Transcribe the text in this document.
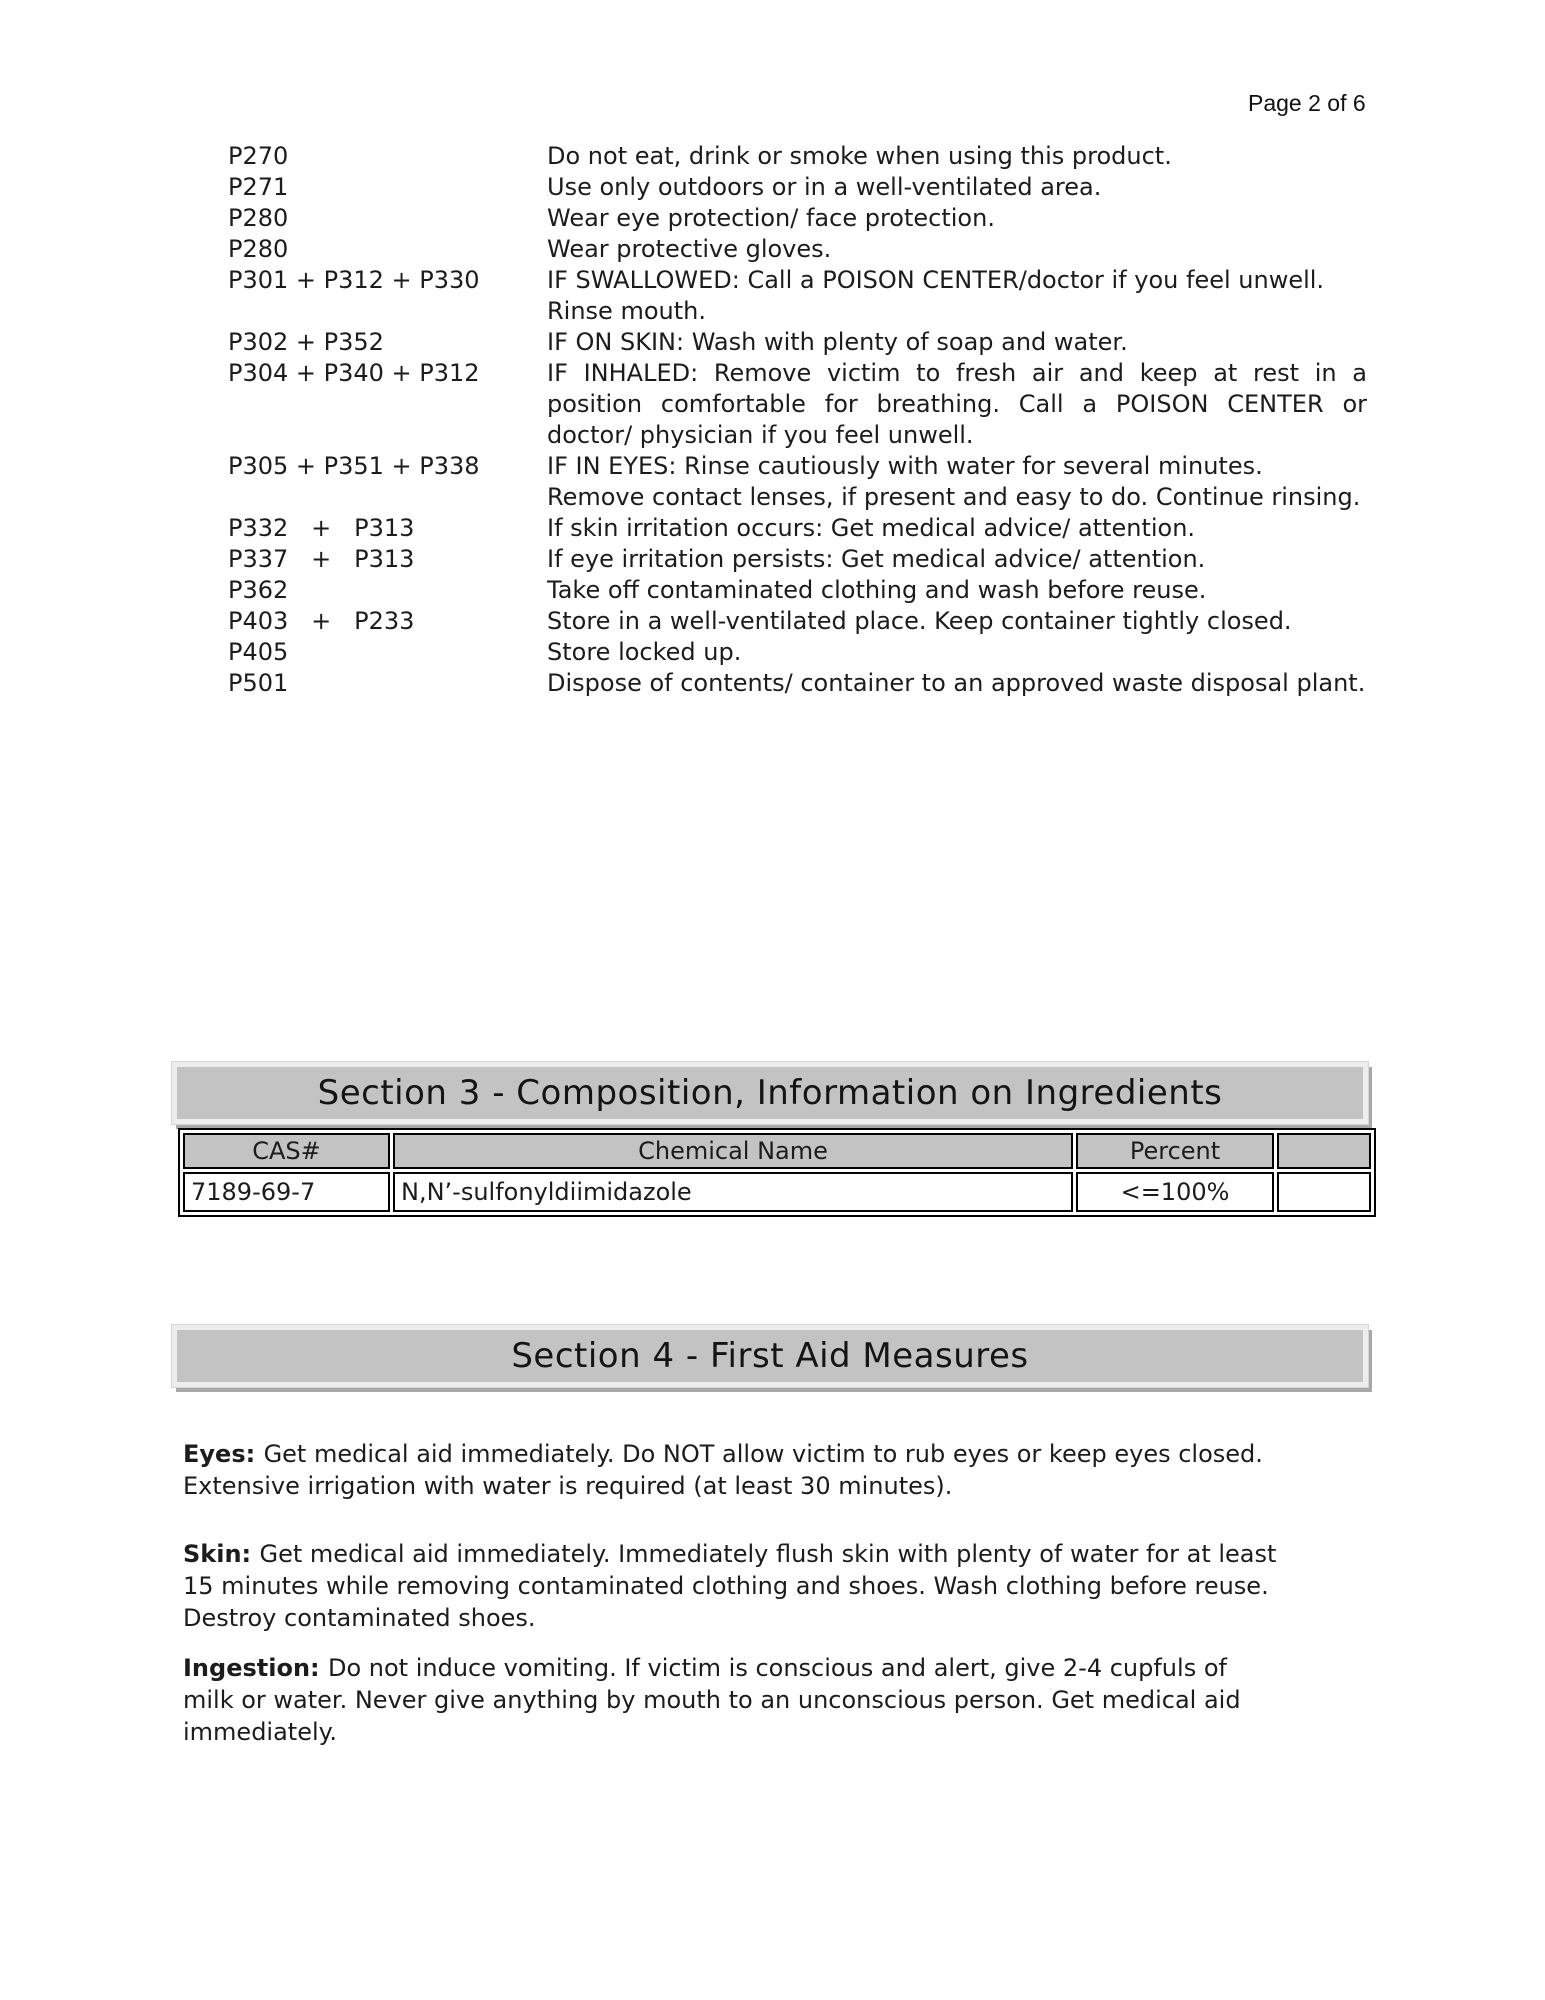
Page 2 of 6
P270	Do not eat, drink or smoke when using this product.
P271	Use only outdoors or in a well-ventilated area.
P280	Wear eye protection/ face protection.
P280	Wear protective gloves.
P301 + P312 + P330	IF SWALLOWED: Call a POISON CENTER/doctor if you feel unwell. Rinse mouth.
P302 + P352	IF ON SKIN: Wash with plenty of soap and water.
P304 + P340 + P312	IF INHALED: Remove victim to fresh air and keep at rest in a position comfortable for breathing. Call a POISON CENTER or doctor/ physician if you feel unwell.
P305 + P351 + P338	IF IN EYES: Rinse cautiously with water for several minutes. Remove contact lenses, if present and easy to do. Continue rinsing.
P332   +   P313	If skin irritation occurs: Get medical advice/ attention.
P337   +   P313	If eye irritation persists: Get medical advice/ attention.
P362	Take off contaminated clothing and wash before reuse.
P403   +   P233	Store in a well-ventilated place. Keep container tightly closed.
P405	Store locked up.
P501	Dispose of contents/ container to an approved waste disposal plant.
Section 3 - Composition, Information on Ingredients
CAS#	Chemical Name	Percent	
7189-69-7	N,N’-sulfonyldiimidazole	<=100%	
Section 4 - First Aid Measures
Eyes: Get medical aid immediately. Do NOT allow victim to rub eyes or keep eyes closed. Extensive irrigation with water is required (at least 30 minutes).
Skin: Get medical aid immediately. Immediately flush skin with plenty of water for at least 15 minutes while removing contaminated clothing and shoes. Wash clothing before reuse. Destroy contaminated shoes.
Ingestion: Do not induce vomiting. If victim is conscious and alert, give 2-4 cupfuls of milk or water. Never give anything by mouth to an unconscious person. Get medical aid immediately.
